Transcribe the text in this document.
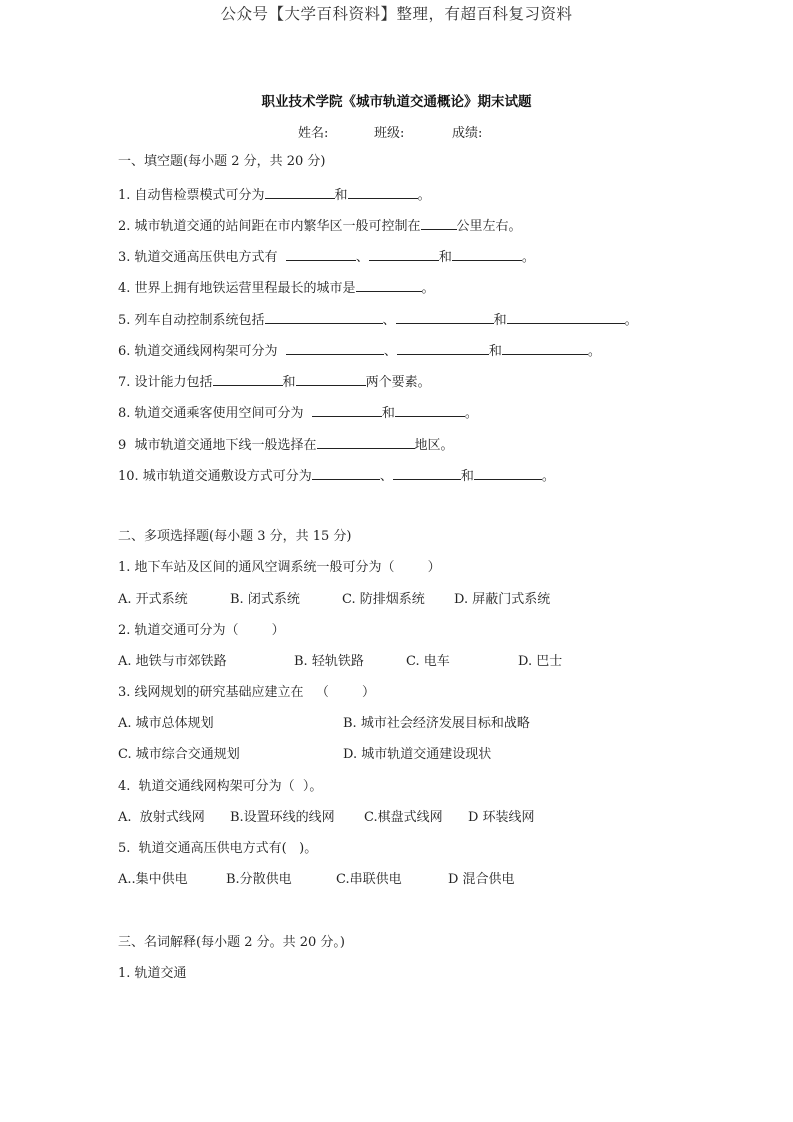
公众号【大学百科资料】整理，有超百科复习资料
职业技术学院《城市轨道交通概论》期末试题
姓名:	班级:	成绩:
一、填空题(每小题 2 分，共 20 分)
1. 自动售检票模式可分为	和	。
2. 城市轨道交通的站间距在市内繁华区一般可控制在	公里左右。
3. 轨道交通高压供电方式有	、	和	。
4. 世界上拥有地铁运营里程最长的城市是	。
5. 列车自动控制系统包括	、	和	。
6. 轨道交通线网构架可分为	、	和	。
7. 设计能力包括	和	两个要素。
8. 轨道交通乘客使用空间可分为	和	。
9  城市轨道交通地下线一般选择在	地区。
10. 城市轨道交通敷设方式可分为	、	和	。
二、多项选择题(每小题 3 分，共 15 分)
1. 地下车站及区间的通风空调系统一般可分为（        ）
A. 开式系统	B. 闭式系统	C. 防排烟系统 D. 屏蔽门式系统
2. 轨道交通可分为（        ）
A. 地铁与市郊铁路	B. 轻轨铁路	C. 电车	D. 巴士
3. 线网规划的研究基础应建立在   （        ）
A. 城市总体规划	B. 城市社会经济发展目标和战略
C. 城市综合交通规划	D. 城市轨道交通建设现状
4.  轨道交通线网构架可分为（  ）。
A.  放射式线网 B.设置环线的线网 C.棋盘式线网 D 环装线网
5.  轨道交通高压供电方式有(   )。
A..集中供电	B.分散供电	C.串联供电	D 混合供电
三、名词解释(每小题 2 分。共 20 分。)
1. 轨道交通
